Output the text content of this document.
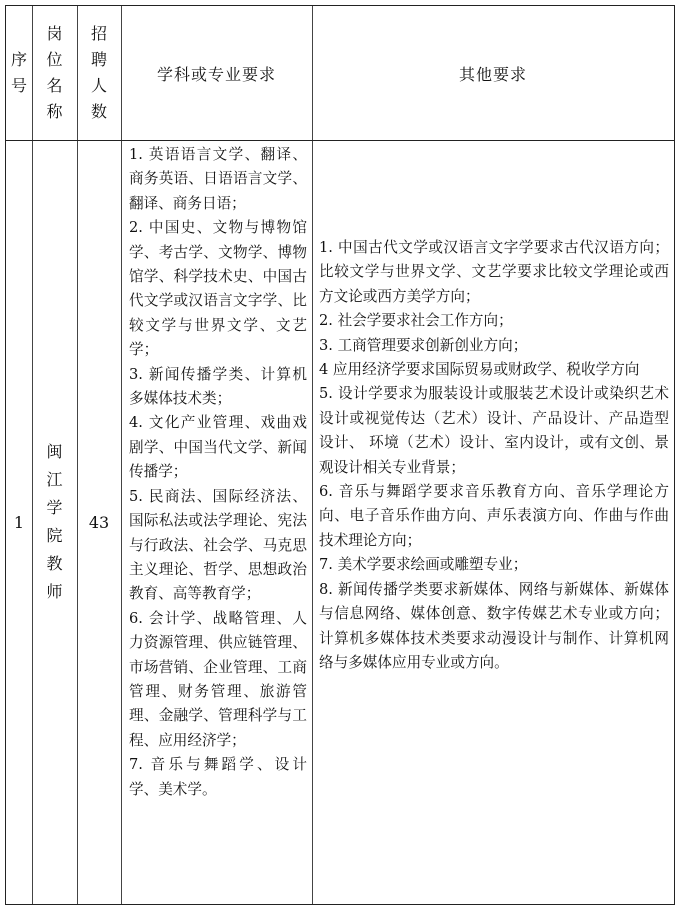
序
号
岗
位
名
称
招
聘
人
数
学科或专业要求	其他要求
1
闽
江
学
院
教
师
43

1. 英语语言文学、翻译、商务英语、日语语言文学、翻译、商务日语；

2. 中国史、文物与博物馆学、考古学、文物学、博物馆学、科学技术史、中国古代文学或汉语言文字学、比较文学与世界文学、文艺学；

3. 新闻传播学类、计算机多媒体技术类；

4. 文化产业管理、戏曲戏剧学、中国当代文学、新闻传播学；

5. 民商法、国际经济法、国际私法或法学理论、宪法与行政法、社会学、马克思主义理论、哲学、思想政治教育、高等教育学；

6. 会计学、战略管理、人力资源管理、供应链管理、市场营销、企业管理、工商管理、财务管理、旅游管理、金融学、管理科学与工程、应用经济学；

7. 音乐与舞蹈学、设计学、美术学。

1. 中国古代文学或汉语言文字学要求古代汉语方向；比较文学与世界文学、文艺学要求比较文学理论或西方文论或西方美学方向；

2. 社会学要求社会工作方向；

3. 工商管理要求创新创业方向；

4 应用经济学要求国际贸易或财政学、税收学方向

5. 设计学要求为服装设计或服装艺术设计或染织艺术设计或视觉传达（艺术）设计、产品设计、产品造型设计、 环境（艺术）设计、室内设计，或有文创、景观设计相关专业背景；

6. 音乐与舞蹈学要求音乐教育方向、音乐学理论方向、电子音乐作曲方向、声乐表演方向、作曲与作曲技术理论方向；

7. 美术学要求绘画或雕塑专业；

8. 新闻传播学类要求新媒体、网络与新媒体、新媒体与信息网络、媒体创意、数字传媒艺术专业或方向；计算机多媒体技术类要求动漫设计与制作、计算机网络与多媒体应用专业或方向。
